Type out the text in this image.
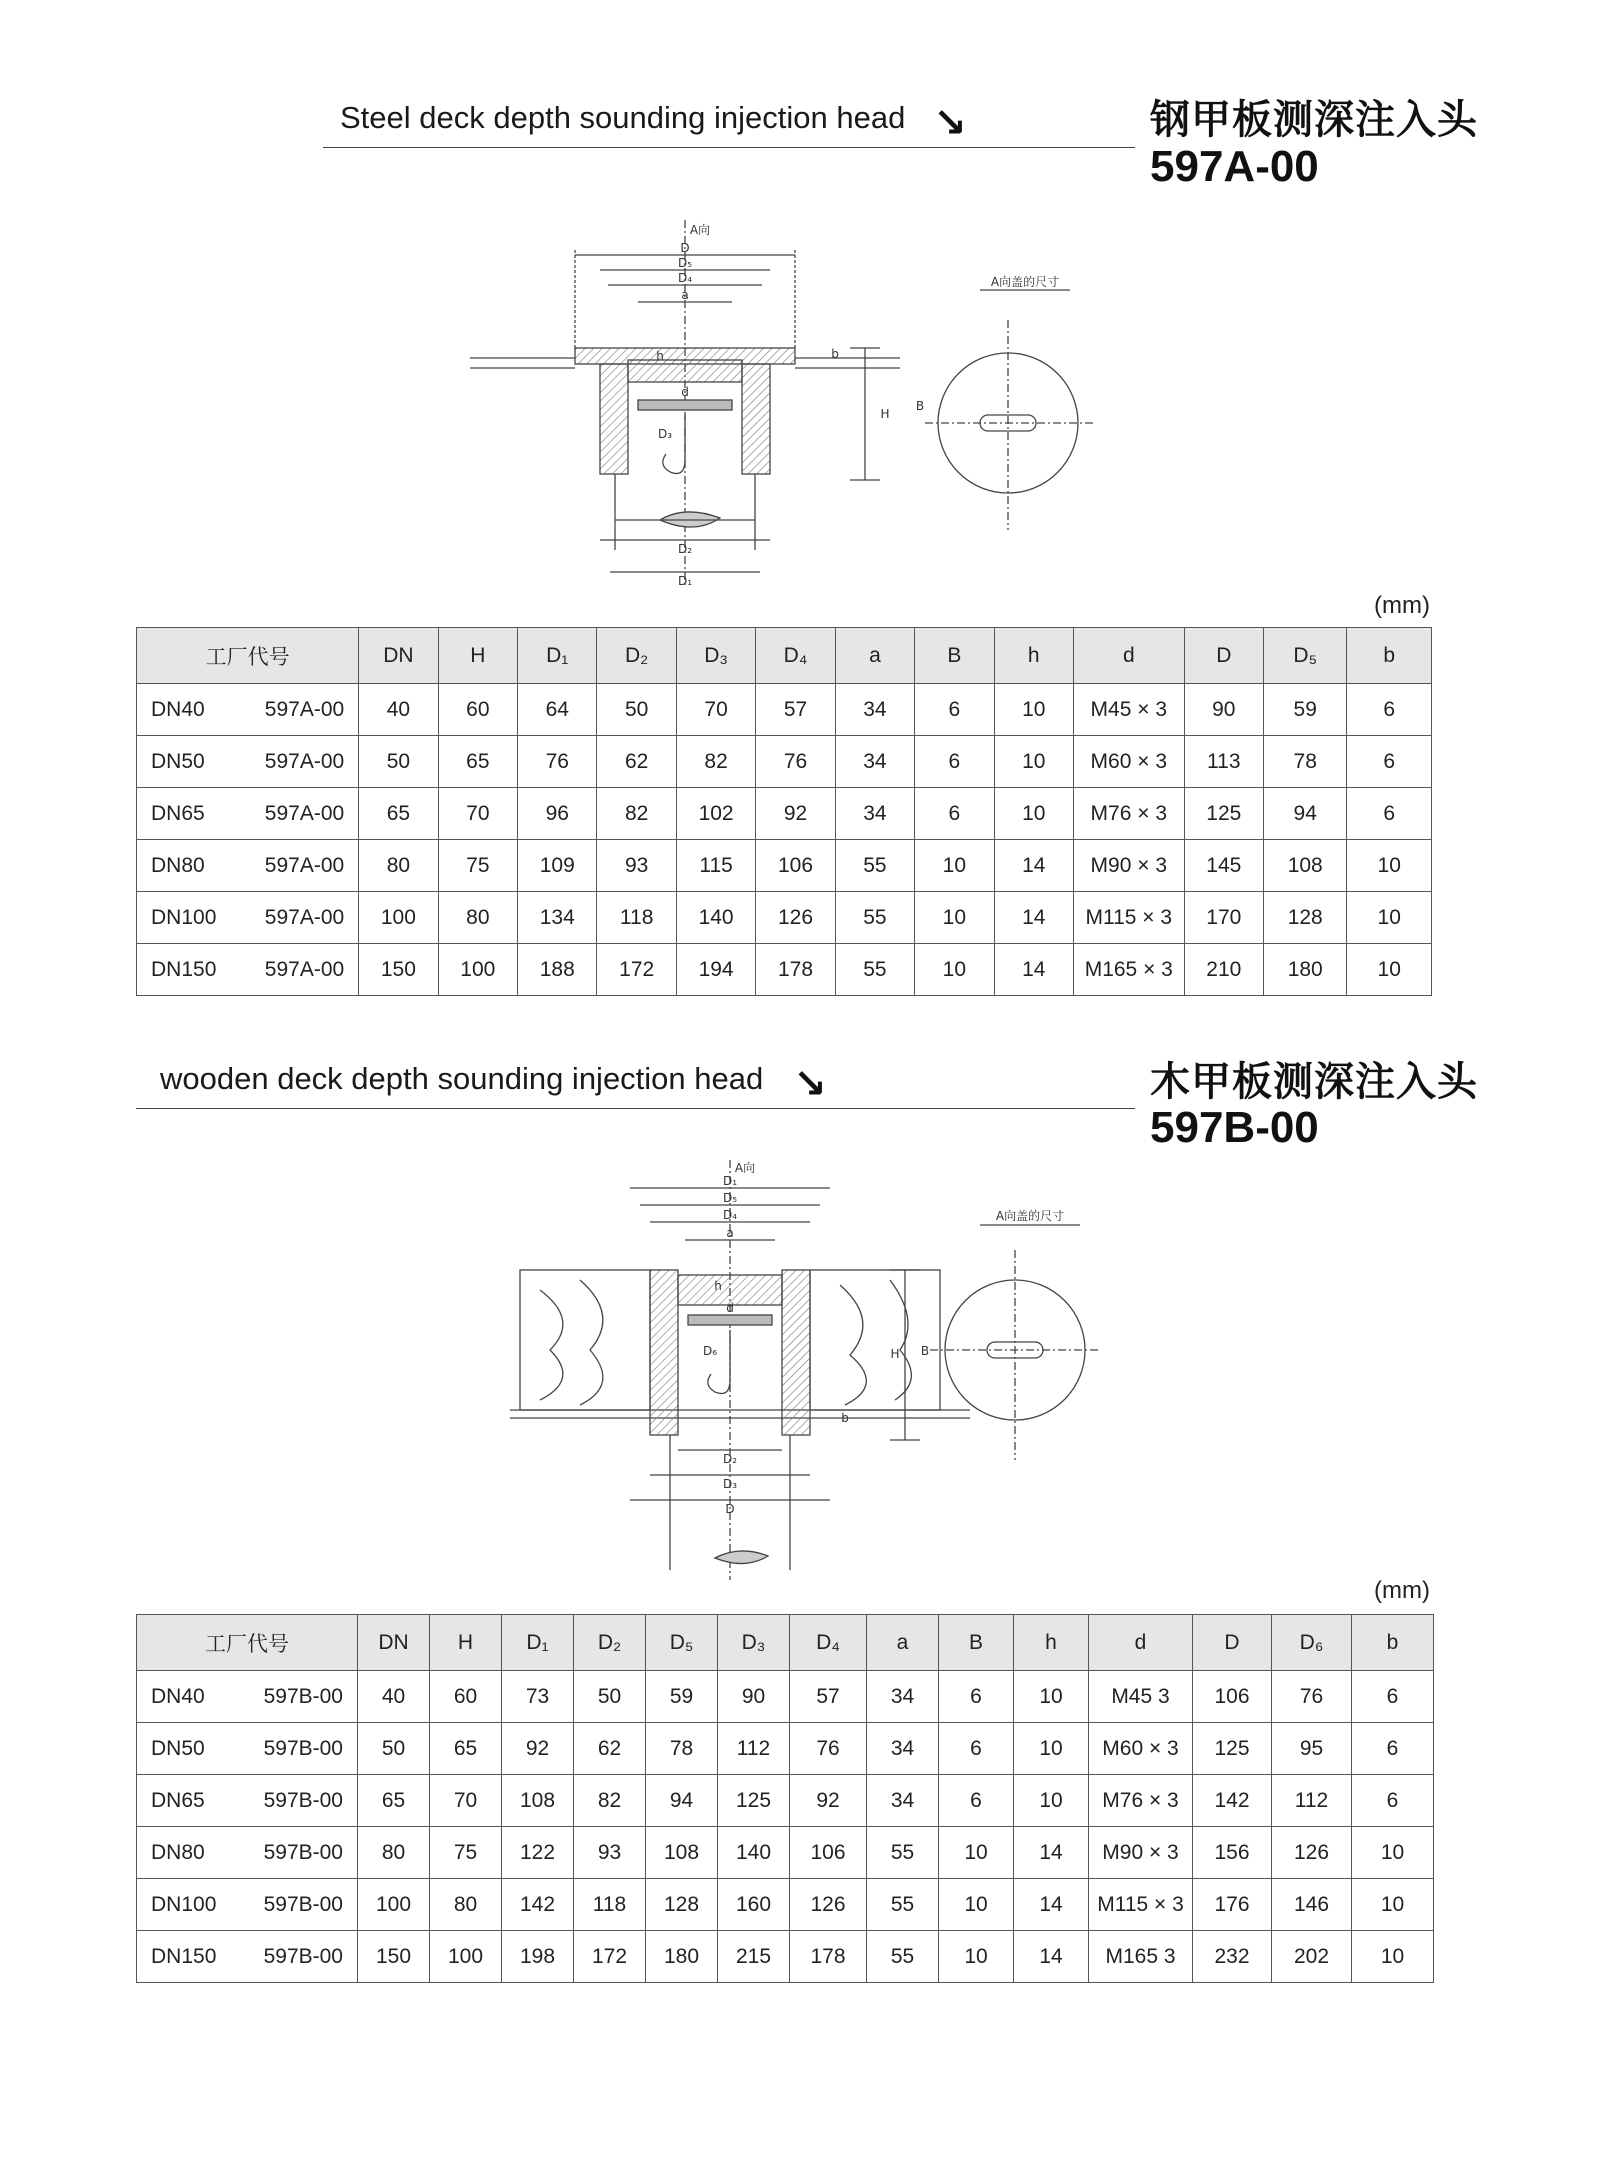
Steel deck depth sounding injection head ↘	钢甲板测深注入头
597A-00
A向
D
D₅
D₄
a
h
d
D₃
D₂
D₁
b
H
B
A向盖的尺寸
(mm)
工厂代号	DN	H	D₁	D₂	D₃	D₄	a	B	h	d	D	D₅	b

DN40 597A-00	40	60	64	50	70	57	34	6	10	M45 × 3	90	59	6

DN50 597A-00	50	65	76	62	82	76	34	6	10	M60 × 3	113	78	6

DN65 597A-00	65	70	96	82	102	92	34	6	10	M76 × 3	125	94	6

DN80 597A-00	80	75	109	93	115	106	55	10	14	M90 × 3	145	108	10

DN100 597A-00	100	80	134	118	140	126	55	10	14	M115 × 3	170	128	10

DN150 597A-00	150	100	188	172	194	178	55	10	14	M165 × 3	210	180	10
wooden deck depth sounding injection head ↘	木甲板测深注入头
597B-00
A向
D₁
D₅
D₄
a
h
d
D₆
D₂
D₃
D
b
H B
A向盖的尺寸
(mm)
工厂代号	DN	H	D₁	D₂	D₅	D₃	D₄	a	B	h	d	D	D₆	b

DN40 597B-00	40	60	73	50	59	90	57	34	6	10	M45 3	106	76	6

DN50 597B-00	50	65	92	62	78	112	76	34	6	10	M60 × 3	125	95	6

DN65 597B-00	65	70	108	82	94	125	92	34	6	10	M76 × 3	142	112	6

DN80 597B-00	80	75	122	93	108	140	106	55	10	14	M90 × 3	156	126	10

DN100 597B-00	100	80	142	118	128	160	126	55	10	14	M115 × 3	176	146	10

DN150 597B-00	150	100	198	172	180	215	178	55	10	14	M165 3	232	202	10
